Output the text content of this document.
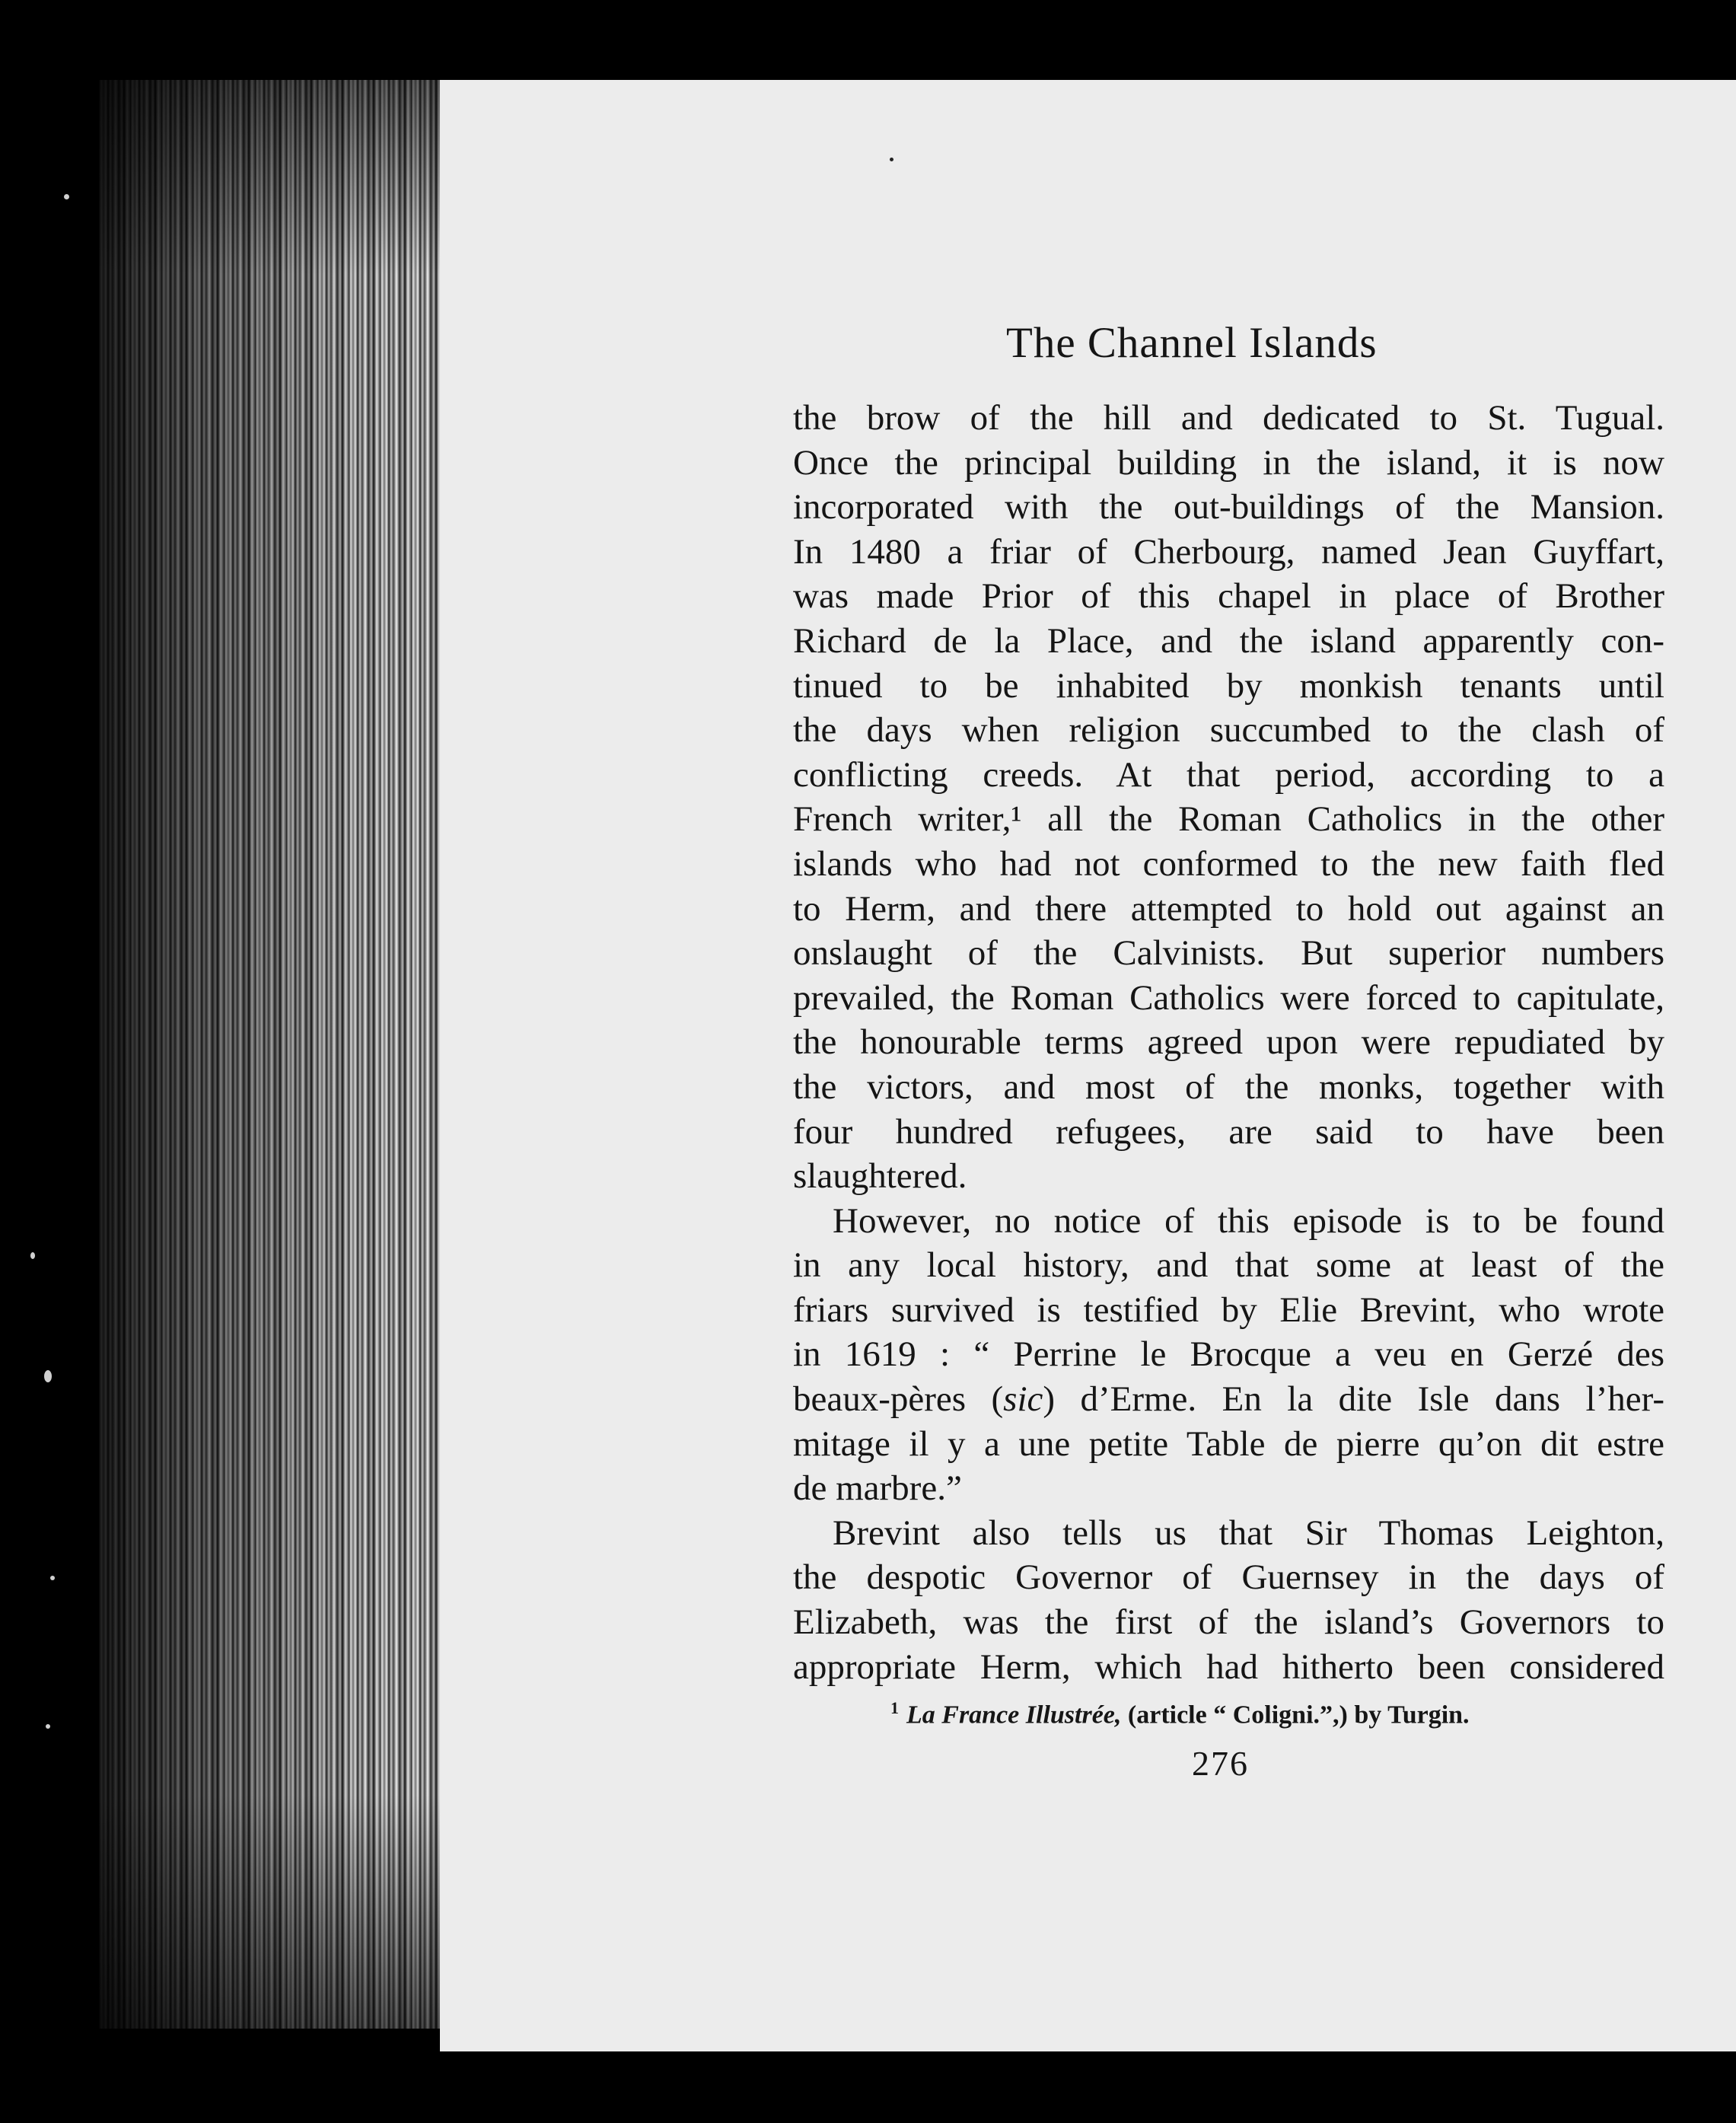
The Channel Islands
the brow of the hill and dedicated to St. Tugual.
Once the principal building in the island, it is now
incorporated with the out-buildings of the Mansion.
In 1480 a friar of Cherbourg, named Jean Guyffart,
was made Prior of this chapel in place of Brother
Richard de la Place, and the island apparently con-
tinued to be inhabited by monkish tenants until
the days when religion succumbed to the clash of
conflicting creeds. At that period, according to a
French writer,¹ all the Roman Catholics in the other
islands who had not conformed to the new faith fled
to Herm, and there attempted to hold out against an
onslaught of the Calvinists. But superior numbers
prevailed, the Roman Catholics were forced to capitulate,
the honourable terms agreed upon were repudiated by
the victors, and most of the monks, together with
four hundred refugees, are said to have been
slaughtered.
However, no notice of this episode is to be found
in any local history, and that some at least of the
friars survived is testified by Elie Brevint, who wrote
in 1619 : “ Perrine le Brocque a veu en Gerzé des
beaux-pères (sic) d’Erme. En la dite Isle dans l’her-
mitage il y a une petite Table de pierre qu’on dit estre
de marbre.”
Brevint also tells us that Sir Thomas Leighton,
the despotic Governor of Guernsey in the days of
Elizabeth, was the first of the island’s Governors to
appropriate Herm, which had hitherto been considered
$^1$ La France Illustrée, (article “ Coligni.”,) by Turgin.
276
